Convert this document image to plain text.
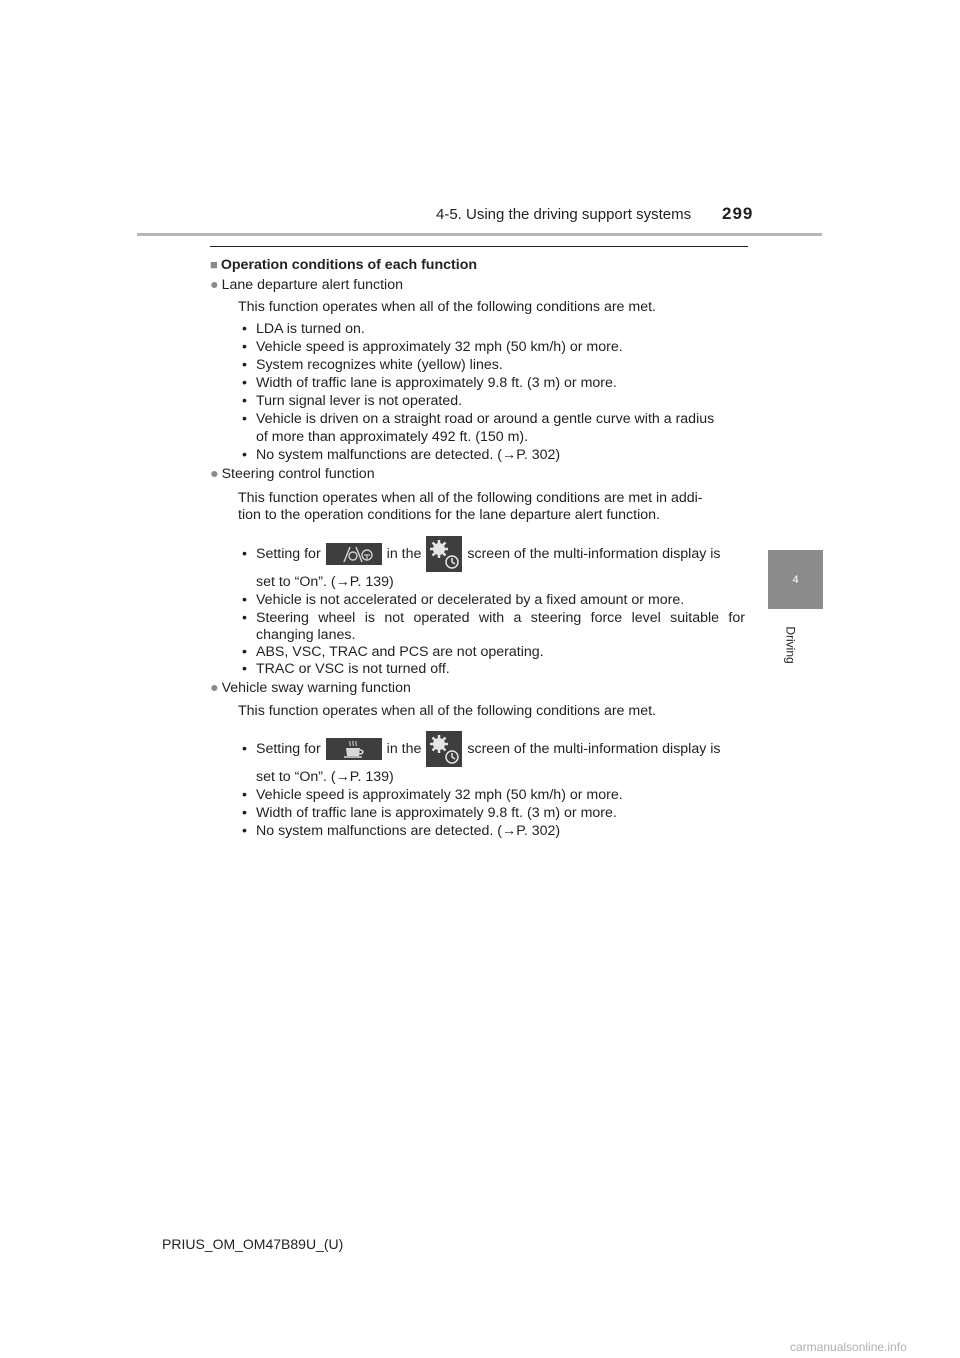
4-5. Using the driving support systems 299
4
Driving
■ Operation conditions of each function
● Lane departure alert function
This function operates when all of the following conditions are met.
• LDA is turned on.
• Vehicle speed is approximately 32 mph (50 km/h) or more.
• System recognizes white (yellow) lines.
• Width of traffic lane is approximately 9.8 ft. (3 m) or more.
• Turn signal lever is not operated.
• Vehicle is driven on a straight road or around a gentle curve with a radius
of more than approximately 492 ft. (150 m).
• No system malfunctions are detected. (→P. 302)
● Steering control function
This function operates when all of the following conditions are met in addi-
tion to the operation conditions for the lane departure alert function.
• Setting for	in the	screen of the multi-information display is
set to “On”. (→P. 139)
• Vehicle is not accelerated or decelerated by a fixed amount or more.
• Steering wheel is not operated with a steering force level suitable for
changing lanes.
• ABS, VSC, TRAC and PCS are not operating.
• TRAC or VSC is not turned off.
● Vehicle sway warning function
This function operates when all of the following conditions are met.
• Setting for	in the	screen of the multi-information display is
set to “On”. (→P. 139)
• Vehicle speed is approximately 32 mph (50 km/h) or more.
• Width of traffic lane is approximately 9.8 ft. (3 m) or more.
• No system malfunctions are detected. (→P. 302)
PRIUS_OM_OM47B89U_(U)
carmanualsonline.info
